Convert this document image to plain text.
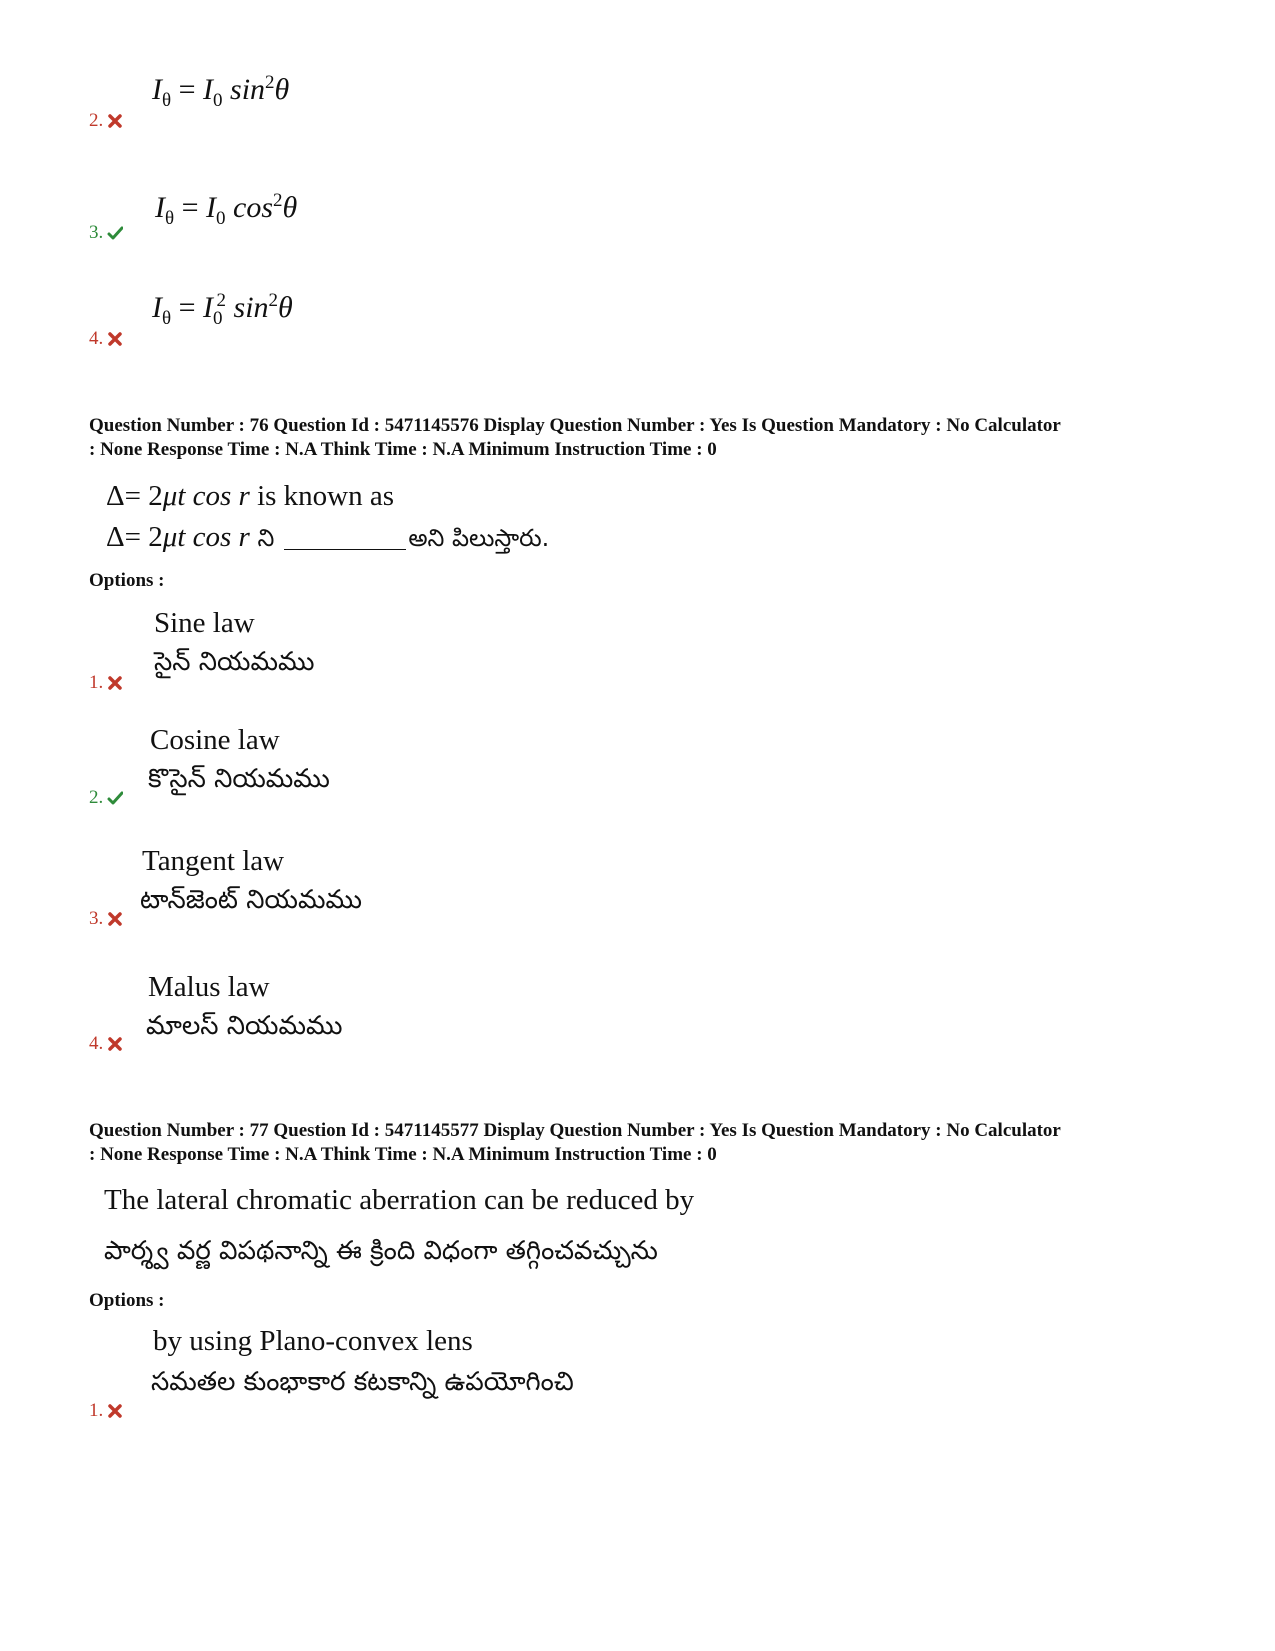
$I_\theta = I_0$ $\sin^2\theta$
2.
$I_\theta = I_0$ $\cos^2\theta$
3.
$I_\theta = I_0^2$ $\sin^2\theta$
4.
Question Number : 76 Question Id : 5471145576 Display Question Number : Yes Is Question Mandatory : No Calculator
: None Response Time : N.A Think Time : N.A Minimum Instruction Time : 0
Δ= 2μt cos r is known as
Δ= 2μt cos r ని	అని పిలుస్తారు.
Options :
Sine law
సైన్ నియమము
1.
Cosine law
కొసైన్ నియమము
2.
Tangent law
టాన్‌జెంట్ నియమము
3.
Malus law
మాలస్ నియమము
4.
Question Number : 77 Question Id : 5471145577 Display Question Number : Yes Is Question Mandatory : No Calculator
: None Response Time : N.A Think Time : N.A Minimum Instruction Time : 0
The lateral chromatic aberration can be reduced by
పార్శ్వ వర్ణ విపథనాన్ని ఈ క్రింది విధంగా తగ్గించవచ్చును
Options :
by using Plano-convex lens
సమతల కుంభాకార కటకాన్ని ఉపయోగించి
1.
